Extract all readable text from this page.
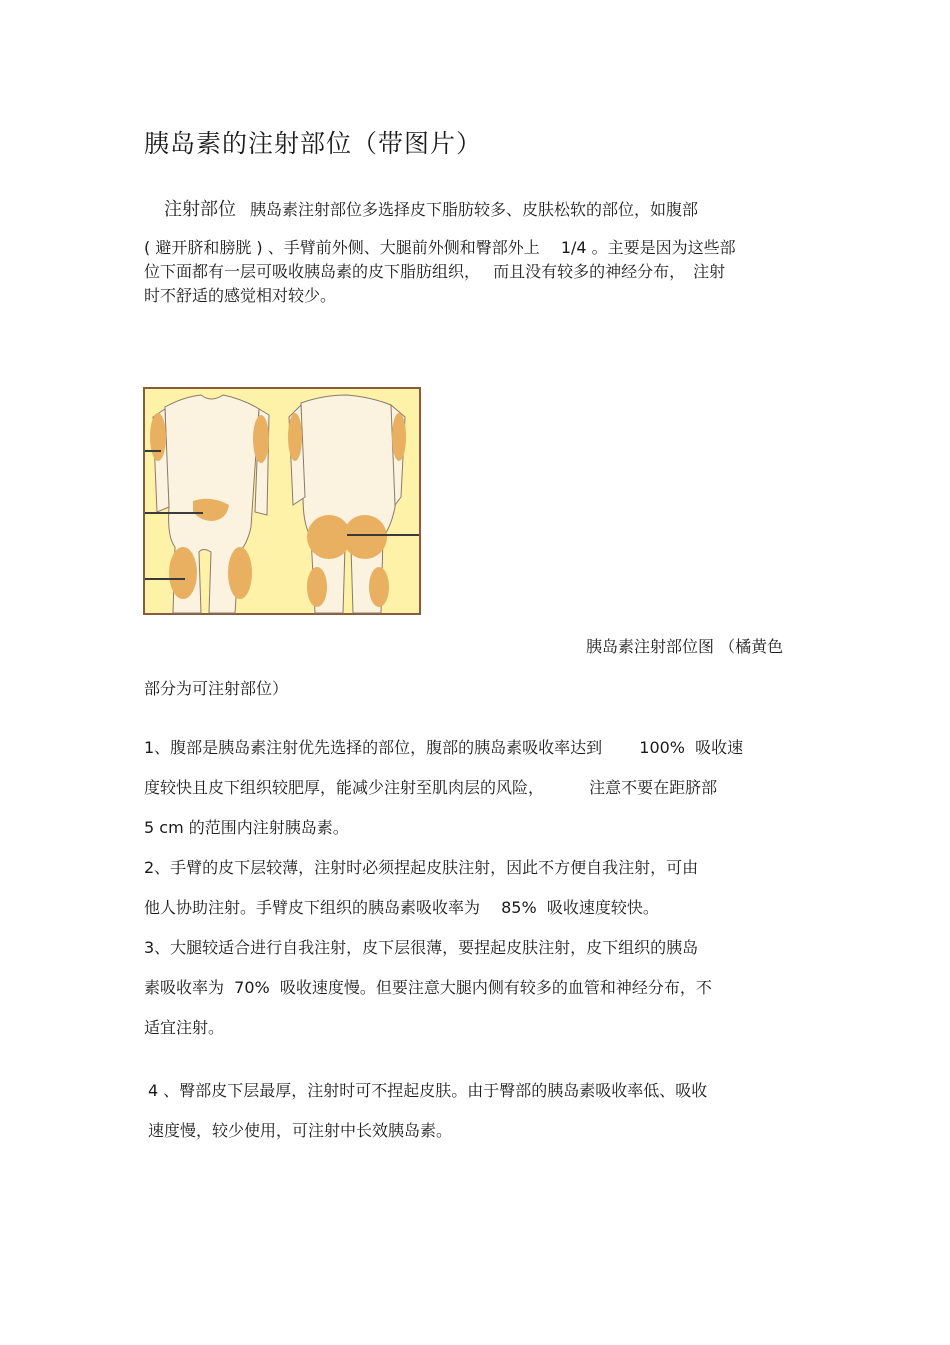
胰岛素的注射部位（带图片）
注射部位 胰岛素注射部位多选择皮下脂肪较多、皮肤松软的部位，如腹部
( 避开脐和膀胱 ) 、手臂前外侧、大腿前外侧和臀部外上　 1/4 。主要是因为这些部
位下面都有一层可吸收胰岛素的皮下脂肪组织，　 而且没有较多的神经分布，　注射
时不舒适的感觉相对较少。
胰岛素注射部位图 （橘黄色
部分为可注射部位）
1、腹部是胰岛素注射优先选择的部位，腹部的胰岛素吸收率达到　　 100%  吸收速
度较快且皮下组织较肥厚，能减少注射至肌肉层的风险，　　　 注意不要在距脐部
5 cm 的范围内注射胰岛素。
2、手臂的皮下层较薄，注射时必须捏起皮肤注射，因此不方便自我注射，可由
他人协助注射。手臂皮下组织的胰岛素吸收率为　 85%  吸收速度较快。
3、大腿较适合进行自我注射，皮下层很薄，要捏起皮肤注射，皮下组织的胰岛
素吸收率为  70%  吸收速度慢。但要注意大腿内侧有较多的血管和神经分布，不
适宜注射。
4 、臀部皮下层最厚，注射时可不捏起皮肤。由于臀部的胰岛素吸收率低、吸收
速度慢，较少使用，可注射中长效胰岛素。
